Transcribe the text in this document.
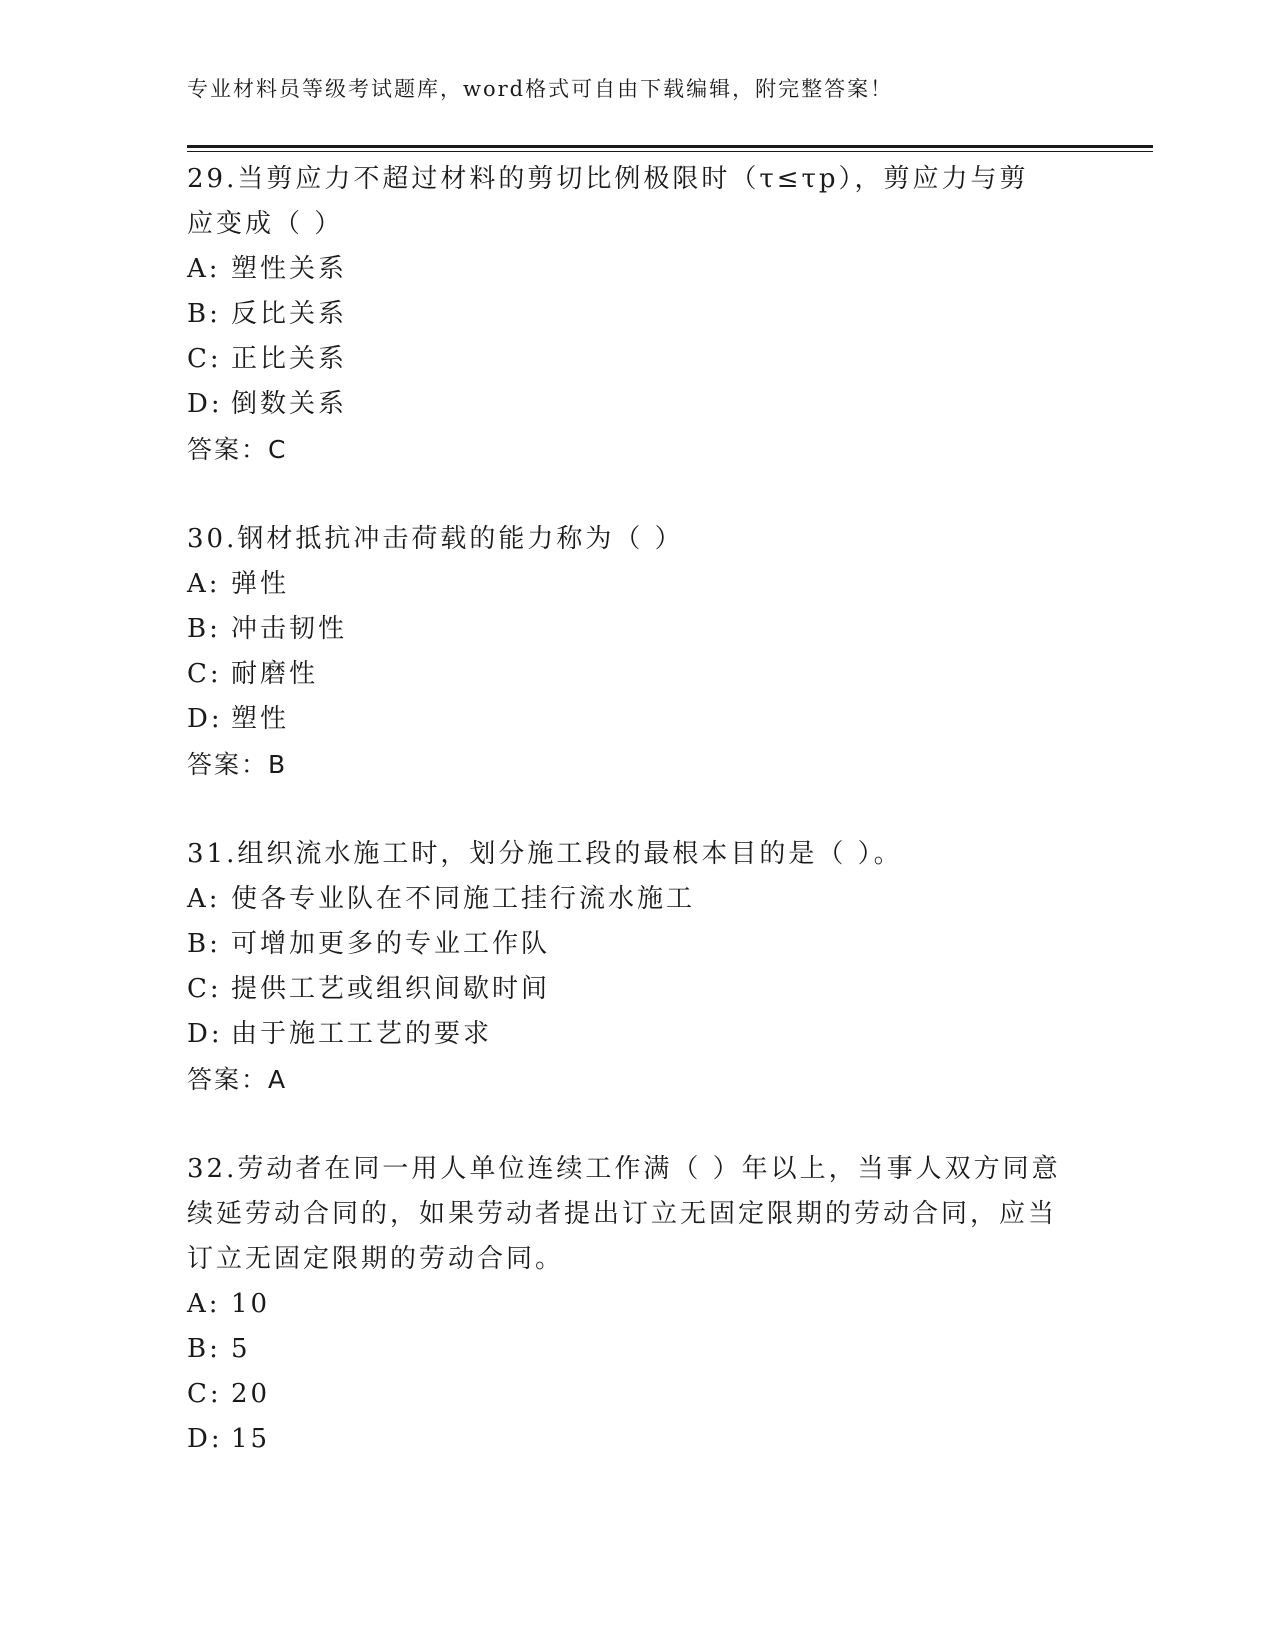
专业材料员等级考试题库，word格式可自由下载编辑，附完整答案！

29.当剪应力不超过材料的剪切比例极限时（τ≤τp），剪应力与剪

应变成（ ）

A: 塑性关系

B: 反比关系

C: 正比关系

D: 倒数关系

答案：C

30.钢材抵抗冲击荷载的能力称为（ ）

A: 弹性

B: 冲击韧性

C: 耐磨性

D: 塑性

答案：B

31.组织流水施工时，划分施工段的最根本目的是（ ）。

A: 使各专业队在不同施工挂行流水施工

B: 可增加更多的专业工作队

C: 提供工艺或组织间歇时间

D: 由于施工工艺的要求

答案：A

32.劳动者在同一用人单位连续工作满（ ）年以上，当事人双方同意

续延劳动合同的，如果劳动者提出订立无固定限期的劳动合同，应当

订立无固定限期的劳动合同。

A: 10

B: 5

C: 20

D: 15
